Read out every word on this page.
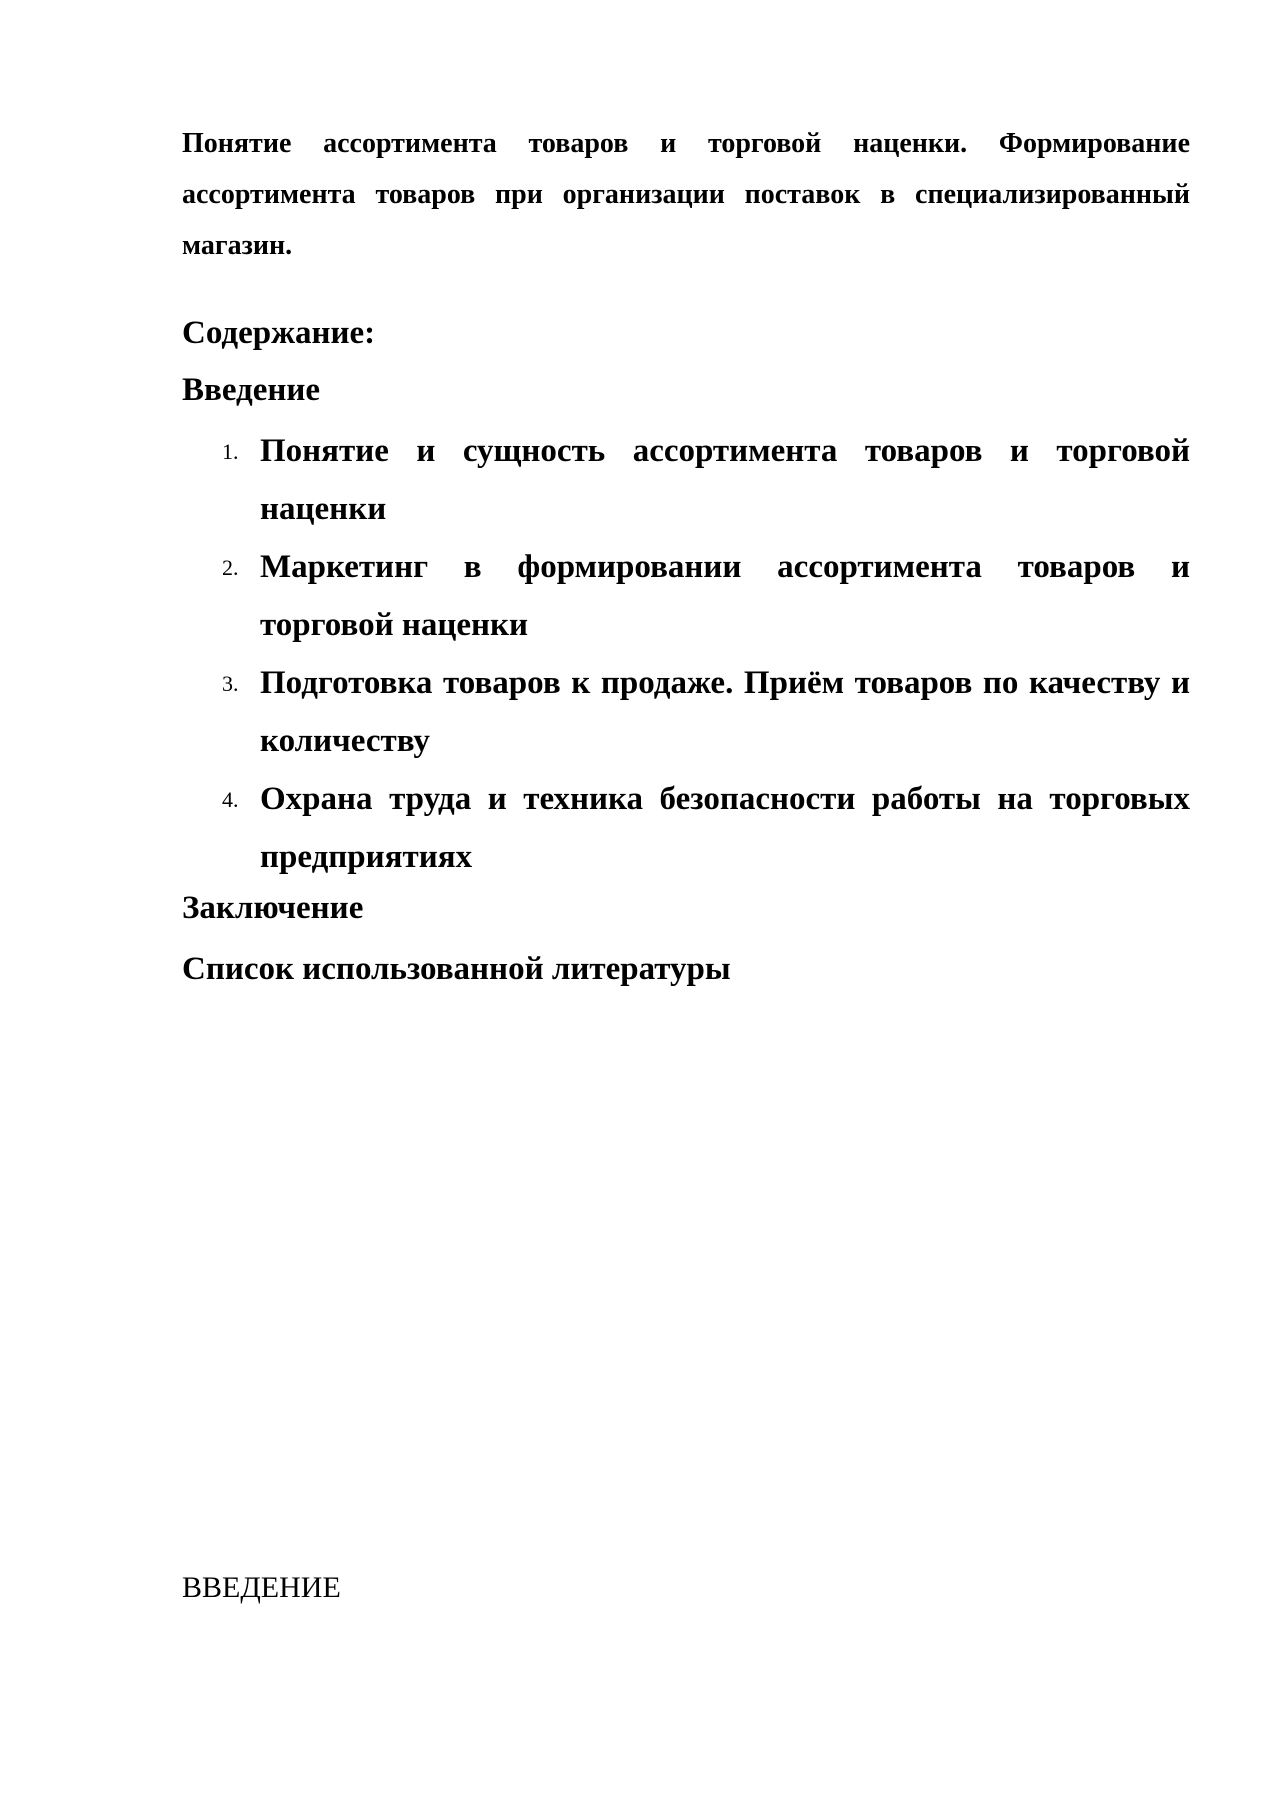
Понятие ассортимента товаров и торговой наценки. Формирование ассортимента товаров при организации поставок в специализированный магазин.

Содержание:

Введение

1. Понятие и сущность ассортимента товаров и торговой наценки
2. Маркетинг в формировании ассортимента товаров и торговой наценки
3. Подготовка товаров к продаже. Приём товаров по качеству и количеству
4. Охрана труда и техника безопасности работы на торговых предприятиях

Заключение

Список использованной литературы

ВВЕДЕНИЕ
